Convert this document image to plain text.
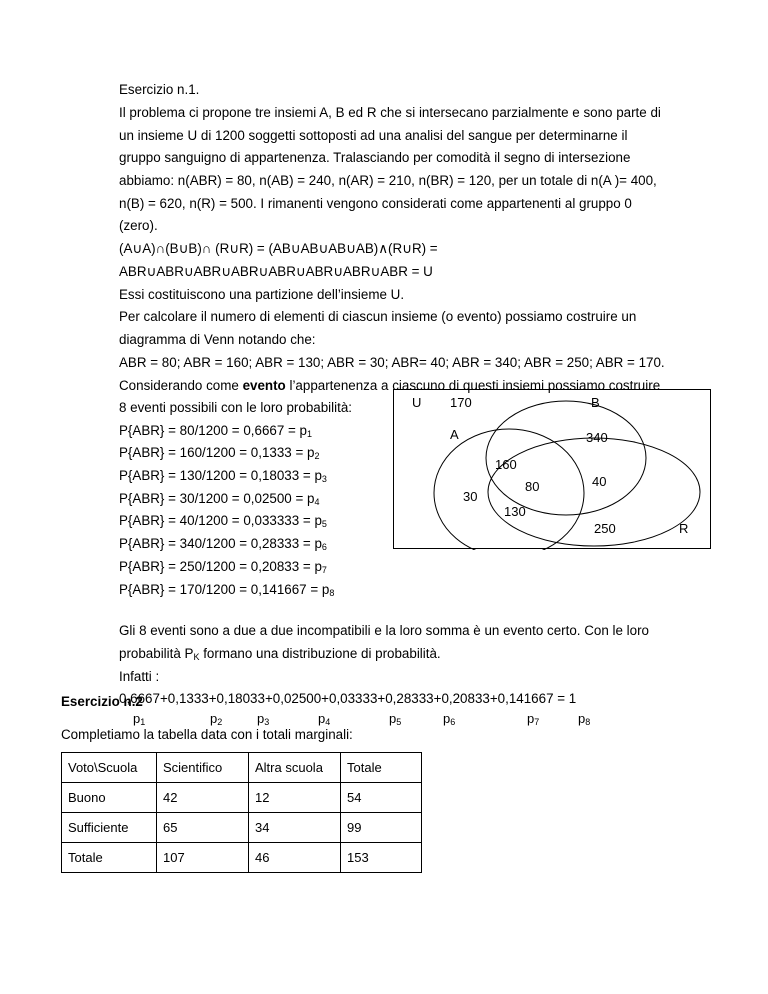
Esercizio n.1.
Il problema ci propone tre insiemi A, B ed R che si intersecano parzialmente e sono parte di
un insieme U di 1200 soggetti sottoposti ad una analisi del sangue per determinarne il
gruppo sanguigno di appartenenza. Tralasciando per comodità il segno di intersezione
abbiamo: n(ABR) = 80, n(AB) = 240, n(AR) = 210, n(BR) = 120, per un totale di n(A )= 400,
n(B) = 620, n(R) = 500. I rimanenti vengono considerati come appartenenti al gruppo 0
(zero).
(A∪A)∩(B∪B)∩ (R∪R) = (AB∪AB∪AB∪AB)∧(R∪R) =
ABR∪ABR∪ABR∪ABR∪ABR∪ABR∪ABR∪ABR = U
Essi costituiscono una partizione dell’insieme U.
Per calcolare il numero di elementi di ciascun insieme (o evento) possiamo costruire un
diagramma di Venn notando che:
ABR = 80; ABR = 160; ABR = 130; ABR = 30; ABR= 40; ABR = 340; ABR = 250; ABR = 170.
Considerando come evento l’appartenenza a ciascuno di questi insiemi possiamo costruire
8 eventi possibili con le loro probabilità:
$P\{ABR\} = 80/1200 = 0,6667 = p_1$
$P\{ABR\} = 160/1200 = 0,1333 = p_2$
$P\{ABR\} = 130/1200 = 0,18033 = p_3$
$P\{ABR\} = 30/1200 = 0,02500 = p_4$
$P\{ABR\} = 40/1200 = 0,033333 = p_5$
$P\{ABR\} = 340/1200 = 0,28333 = p_6$
$P\{ABR\} = 250/1200 = 0,20833 = p_7$
$P\{ABR\} = 170/1200 = 0,141667 = p_8$
U 170	B
A	340
160
40
80
30
130
250	R
Gli 8 eventi sono a due a due incompatibili e la loro somma è un evento certo. Con le loro
probabilità $P_K$ formano una distribuzione di probabilità.
Infatti :
0,6667+0,1333+0,18033+0,02500+0,03333+0,28333+0,20833+0,141667 = 1
$p_1$	$p_2$	$p_3$	$p_4$	$p_5$	$p_6$	$p_7$	$p_8$
Esercizio n.2
Completiamo la tabella data con i totali marginali:
Voto\Scuola	Scientifico	Altra scuola	Totale
Buono	42	12	54
Sufficiente	65	34	99
Totale	107	46	153
